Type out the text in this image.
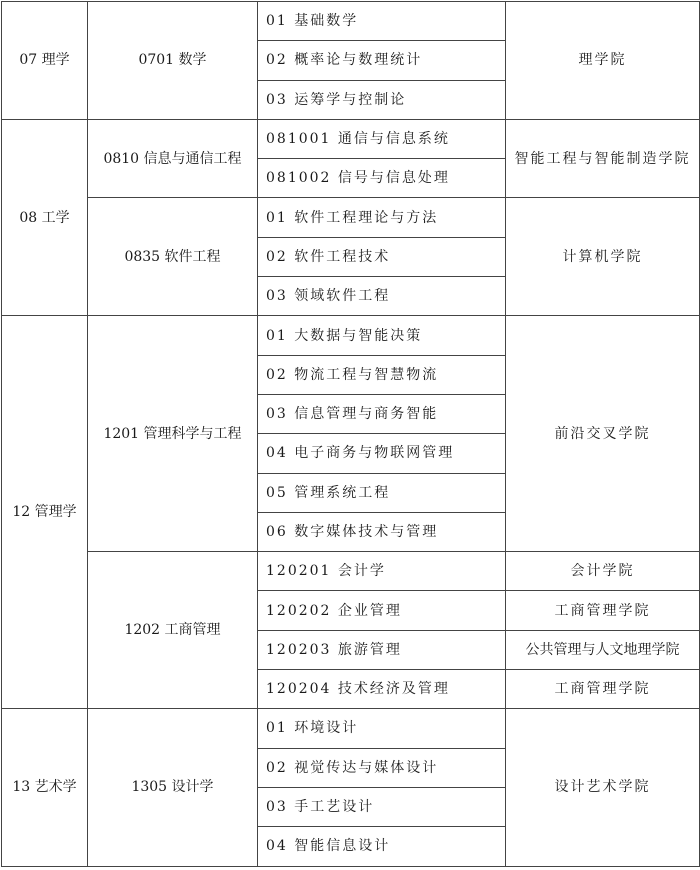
07 理学	0701 数学	01 基础数学	理学院
		02 概率论与数理统计	
		03 运筹学与控制论	
08 工学	0810 信息与通信工程	081001 通信与信息系统	智能工程与智能制造学院
		081002 信号与信息处理	
	0835 软件工程	01 软件工程理论与方法	计算机学院
		02 软件工程技术	
		03 领域软件工程	
12 管理学	1201 管理科学与工程	01 大数据与智能决策	前沿交叉学院
		02 物流工程与智慧物流	
		03 信息管理与商务智能	
		04 电子商务与物联网管理	
		05 管理系统工程	
		06 数字媒体技术与管理	
	1202 工商管理	120201 会计学	会计学院
		120202 企业管理	工商管理学院
		120203 旅游管理	公共管理与人文地理学院
		120204 技术经济及管理	工商管理学院
13 艺术学	1305 设计学	01 环境设计	设计艺术学院
		02 视觉传达与媒体设计	
		03 手工艺设计	
		04 智能信息设计	
